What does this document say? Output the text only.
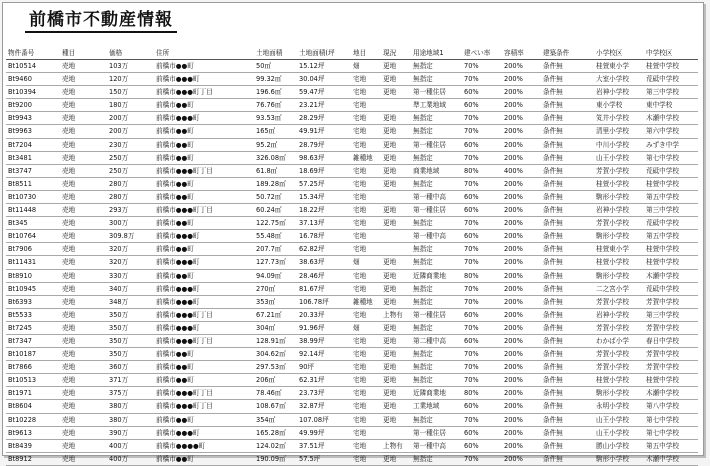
前橋市不動産情報
物件番号	種目	価格	住所	土地面積	土地面積(坪	地目	現況	用途地域1	建ぺい率	容積率	建築条件	小学校区	中学校区
Bt10514	売地	103万	前橋市●●町	50㎡	15.12坪	畑	更地	無指定	70%	200%	条件無	桂萱東小学	桂萱中学校
Bt9460	売地	120万	前橋市●●●町	99.32㎡	30.04坪	宅地	更地	無指定	70%	200%	条件無	大室小学校	荒砥中学校
Bt10394	売地	150万	前橋市●●●町丁目	196.6㎡	59.47坪	宅地	更地	第一種住居	60%	200%	条件無	岩神小学校	第三中学校
Bt9200	売地	180万	前橋市●●町	76.76㎡	23.21坪	宅地		準工業地域	60%	200%	条件無	東小学校	東中学校
Bt9943	売地	200万	前橋市●●●町	93.53㎡	28.29坪	宅地	更地	無指定	70%	200%	条件無	笂井小学校	木瀬中学校
Bt9963	売地	200万	前橋市●●町	165㎡	49.91坪	宅地	更地	無指定	70%	200%	条件無	清里小学校	第六中学校
Bt7204	売地	230万	前橋市●●町	95.2㎡	28.79坪	宅地	更地	第一種住居	60%	200%	条件無	中川小学校	みずき中学
Bt3481	売地	250万	前橋市●●町	326.08㎡	98.63坪	雑種地	更地	無指定	70%	200%	条件無	山王小学校	第七中学校
Bt3747	売地	250万	前橋市●●●町丁目	61.8㎡	18.69坪	宅地	更地	商業地域	80%	400%	条件無	芳賀小学校	荒砥中学校
Bt8511	売地	280万	前橋市●●町	189.28㎡	57.25坪	宅地	更地	無指定	70%	200%	条件無	桂萱小学校	桂萱中学校
Bt10730	売地	280万	前橋市●●町	50.72㎡	15.34坪	宅地		第一種中高	60%	200%	条件無	駒形小学校	第五中学校
Bt11448	売地	293万	前橋市●●●町丁目	60.24㎡	18.22坪	宅地	更地	第一種住居	60%	200%	条件無	岩神小学校	第三中学校
Bt345	売地	300万	前橋市●●町	122.75㎡	37.13坪	宅地	更地	無指定	70%	200%	条件無	芳賀小学校	荒砥中学校
Bt10764	売地	309.8万	前橋市●●●町	55.48㎡	16.78坪	宅地		第一種中高	60%	200%	条件無	駒形小学校	第五中学校
Bt7906	売地	320万	前橋市●●町	207.7㎡	62.82坪	宅地		無指定	70%	200%	条件無	桂萱東小学	桂萱中学校
Bt11431	売地	320万	前橋市●●●町	127.73㎡	38.63坪	畑	更地	無指定	70%	200%	条件無	桂萱小学校	桂萱中学校
Bt8910	売地	330万	前橋市●●町	94.09㎡	28.46坪	宅地	更地	近隣商業地	80%	200%	条件無	駒形小学校	木瀬中学校
Bt10945	売地	340万	前橋市●●●町	270㎡	81.67坪	宅地	更地	無指定	70%	200%	条件無	二之宮小学	荒砥中学校
Bt6393	売地	348万	前橋市●●●町	353㎡	106.78坪	雑種地	更地	無指定	70%	200%	条件無	芳賀小学校	芳賀中学校
Bt5533	売地	350万	前橋市●●●町丁目	67.21㎡	20.33坪	宅地	上物有	第一種住居	60%	200%	条件無	岩神小学校	第三中学校
Bt7245	売地	350万	前橋市●●●町	304㎡	91.96坪	畑	更地	無指定	70%	200%	条件無	芳賀小学校	芳賀中学校
Bt7347	売地	350万	前橋市●●●町丁目	128.91㎡	38.99坪	宅地	更地	第二種中高	60%	200%	条件無	わかば小学	春日中学校
Bt10187	売地	350万	前橋市●●町	304.62㎡	92.14坪	宅地	更地	無指定	70%	200%	条件無	芳賀小学校	芳賀中学校
Bt7866	売地	360万	前橋市●●町	297.53㎡	90坪	宅地	更地	無指定	70%	200%	条件無	芳賀小学校	芳賀中学校
Bt10513	売地	371万	前橋市●●町	206㎡	62.31坪	宅地	更地	無指定	70%	200%	条件無	桂萱小学校	桂萱中学校
Bt1971	売地	375万	前橋市●●●町丁目	78.46㎡	23.73坪	宅地	更地	近隣商業地	80%	200%	条件無	駒形小学校	木瀬中学校
Bt8604	売地	380万	前橋市●●●町丁目	108.67㎡	32.87坪	宅地	更地	工業地域	60%	200%	条件無	永明小学校	第八中学校
Bt10228	売地	380万	前橋市●●町	354㎡	107.08坪	宅地	更地	無指定	70%	200%	条件無	山王小学校	第七中学校
Bt9613	売地	390万	前橋市●●●町	165.28㎡	49.99坪	宅地		第一種住居	60%	200%	条件無	山王小学校	第七中学校
Bt8439	売地	400万	前橋市●●●●町	124.02㎡	37.51坪	宅地	上物有	第一種中高	60%	200%	条件無	勝山小学校	第五中学校
Bt8912	売地	400万	前橋市●●町	190.09㎡	57.5坪	宅地	更地	無指定	70%	200%	条件無	駒形小学校	木瀬中学校
